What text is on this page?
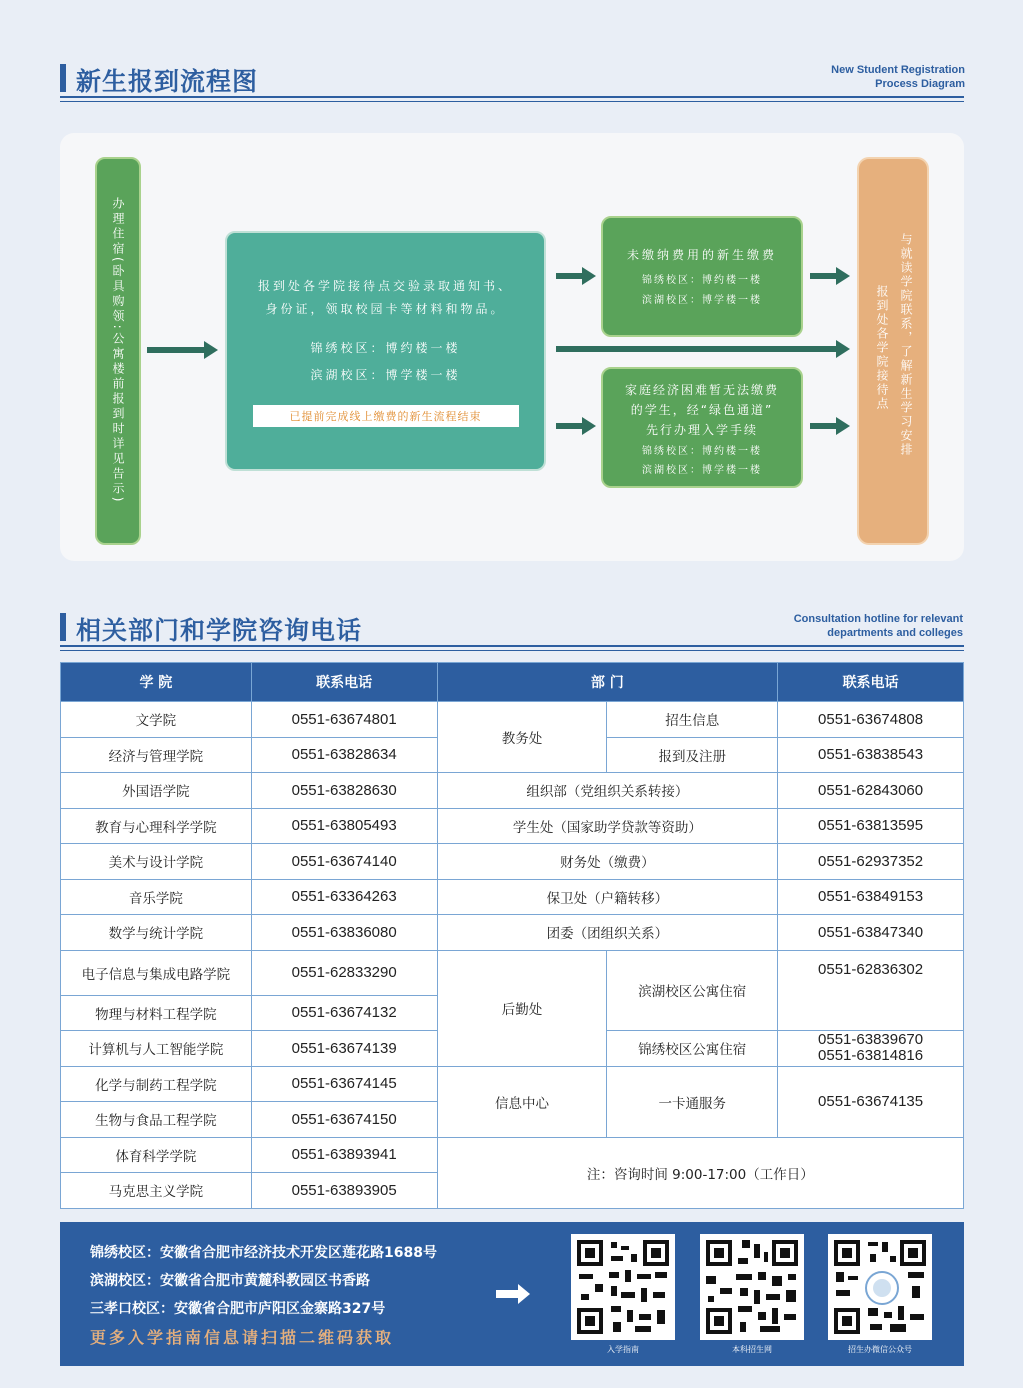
新生报到流程图	New Student Registration
Process Diagram
办理住宿(卧具购领:公寓楼前报到时详见告示)	报到处各学院接待点交验录取通知书、
身份证，领取校园卡等材料和物品。
锦绣校区：博约楼一楼
滨湖校区：博学楼一楼
已提前完成线上缴费的新生流程结束
未缴纳费用的新生缴费
锦绣校区：博约楼一楼
滨湖校区：博学楼一楼
家庭经济困难暂无法缴费
的学生，经“绿色通道”
先行办理入学手续
锦绣校区：博约楼一楼
滨湖校区：博学楼一楼
与就读学院联系，了解新生学习安排
报到处各学院接待点
相关部门和学院咨询电话	Consultation hotline for relevant
departments and colleges
学 院	联系电话	部 门		联系电话
文学院	0551-63674801	教务处	招生信息	0551-63674808
经济与管理学院	0551-63828634		报到及注册	0551-63838543
外国语学院	0551-63828630	组织部（党组织关系转接）		0551-62843060
教育与心理科学学院	0551-63805493	学生处（国家助学贷款等资助）		0551-63813595
美术与设计学院	0551-63674140	财务处（缴费）		0551-62937352
音乐学院	0551-63364263	保卫处（户籍转移）		0551-63849153
数学与统计学院	0551-63836080	团委（团组织关系）		0551-63847340
电子信息与集成电路学院	0551-62833290	后勤处	滨湖校区公寓住宿	0551-62836302
物理与材料工程学院	0551-63674132			
计算机与人工智能学院	0551-63674139		锦绣校区公寓住宿	0551-63839670
0551-63814816

化学与制药工程学院	0551-63674145	信息中心	一卡通服务	0551-63674135
生物与食品工程学院	0551-63674150			
体育科学学院	0551-63893941	注：咨询时间 9:00-17:00（工作日）		
马克思主义学院	0551-63893905			
锦绣校区：安徽省合肥市经济技术开发区莲花路1688号
滨湖校区：安徽省合肥市黄麓科教园区书香路
三孝口校区：安徽省合肥市庐阳区金寨路327号
更多入学指南信息请扫描二维码获取
入学指南	本科招生网	招生办微信公众号
